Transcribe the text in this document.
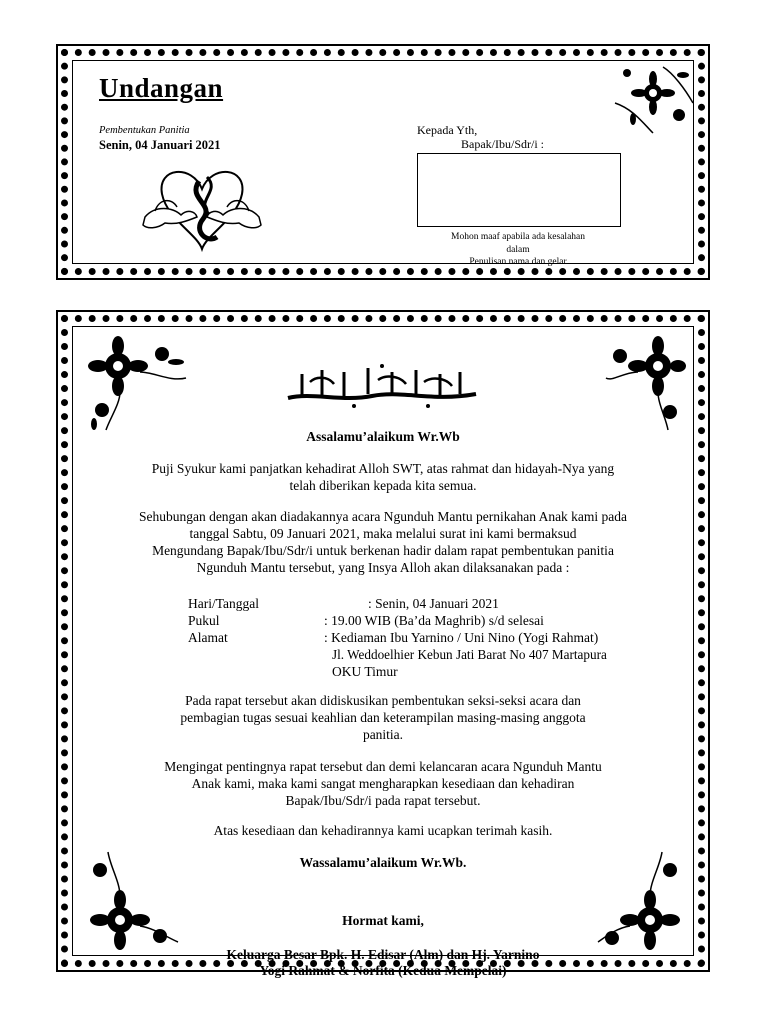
Undangan
Pembentukan Panitia
Senin, 04 Januari 2021
Kepada Yth,
Bapak/Ibu/Sdr/i :
Mohon maaf apabila ada kesalahan
dalam
Penulisan nama dan gelar
Assalamu’alaikum Wr.Wb
Puji Syukur kami panjatkan kehadirat Alloh SWT, atas rahmat dan hidayah-Nya yang
telah diberikan kepada kita semua.
Sehubungan dengan akan diadakannya acara Ngunduh Mantu pernikahan Anak kami pada
tanggal Sabtu, 09 Januari 2021, maka melalui surat ini kami bermaksud
Mengundang Bapak/Ibu/Sdr/i untuk berkenan hadir dalam rapat pembentukan panitia
Ngunduh Mantu tersebut, yang Insya Alloh akan dilaksanakan pada :
Hari/Tanggal	: Senin, 04 Januari 2021
Pukul	: 19.00 WIB (Ba’da Maghrib) s/d selesai
Alamat	: Kediaman Ibu Yarnino / Uni Nino (Yogi Rahmat)
Jl. Weddoelhier Kebun Jati Barat No 407 Martapura
OKU Timur
Pada rapat tersebut akan didiskusikan pembentukan seksi-seksi acara dan
pembagian tugas sesuai keahlian dan keterampilan masing-masing anggota
panitia.
Mengingat pentingnya rapat tersebut dan demi kelancaran acara Ngunduh Mantu
Anak kami, maka kami sangat mengharapkan kesediaan dan kehadiran
Bapak/Ibu/Sdr/i pada rapat tersebut.
Atas kesediaan dan kehadirannya kami ucapkan terimah kasih.
Wassalamu’alaikum Wr.Wb.
Hormat kami,
Keluarga Besar Bpk. H. Edisar (Alm) dan Hj. Yarnino
Yogi Rahmat & Norfita (Kedua Mempelai)
